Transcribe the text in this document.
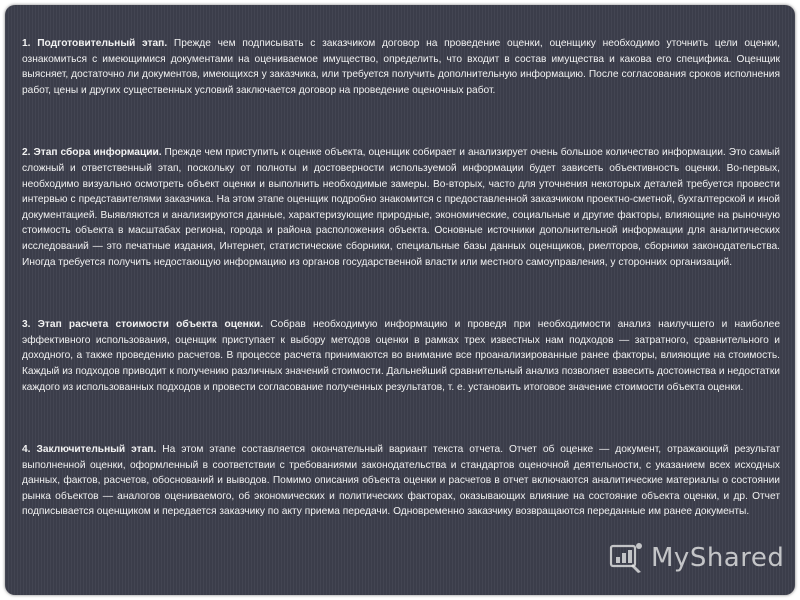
1. Подготовительный этап. Прежде чем подписывать с заказчиком договор на проведение оценки, оценщику необходимо уточнить цели оценки, ознакомиться с имеющимися документами на оцениваемое имущество, определить, что входит в состав имущества и какова его специфика. Оценщик выясняет, достаточно ли документов, имеющихся у заказчика, или требуется получить дополнительную информацию. После согласования сроков исполнения работ, цены и других существенных условий заключается договор на проведение оценочных работ.

2. Этап сбора информации. Прежде чем приступить к оценке объекта, оценщик собирает и анализирует очень большое количество информации. Это самый сложный и ответственный этап, поскольку от полноты и достоверности используемой информации будет зависеть объективность оценки. Во-первых, необходимо визуально осмотреть объект оценки и выполнить необходимые замеры. Во-вторых, часто для уточнения некоторых деталей требуется провести интервью с представителями заказчика. На этом этапе оценщик подробно знакомится с предоставленной заказчиком проектно-сметной, бухгалтерской и иной документацией. Выявляются и анализируются данные, характеризующие природные, экономические, социальные и другие факторы, влияющие на рыночную стоимость объекта в масштабах региона, города и района расположения объекта. Основные источники дополнительной информации для аналитических исследований — это печатные издания, Интернет, статистические сборники, специальные базы данных оценщиков, риелторов, сборники законодательства. Иногда требуется получить недостающую информацию из органов государственной власти или местного самоуправления, у сторонних организаций.

3. Этап расчета стоимости объекта оценки. Собрав необходимую информацию и проведя при необходимости анализ наилучшего и наиболее эффективного использования, оценщик приступает к выбору методов оценки в рамках трех известных нам подходов — затратного, сравнительного и доходного, а также проведению расчетов. В процессе расчета принимаются во внимание все проанализированные ранее факторы, влияющие на стоимость. Каждый из подходов приводит к получению различных значений стоимости. Дальнейший сравнительный анализ позволяет взвесить достоинства и недостатки каждого из использованных подходов и провести согласование полученных результатов, т. е. установить итоговое значение стоимости объекта оценки.

4. Заключительный этап. На этом этапе составляется окончательный вариант текста отчета. Отчет об оценке — документ, отражающий результат выполненной оценки, оформленный в соответствии с требованиями законодательства и стандартов оценочной деятельности, с указанием всех исходных данных, фактов, расчетов, обоснований и выводов. Помимо описания объекта оценки и расчетов в отчет включаются аналитические материалы о состоянии рынка объектов — аналогов оцениваемого, об экономических и политических факторах, оказывающих влияние на состояние объекта оценки, и др. Отчет подписывается оценщиком и передается заказчику по акту приема передачи. Одновременно заказчику возвращаются переданные им ранее документы.

MyShared
